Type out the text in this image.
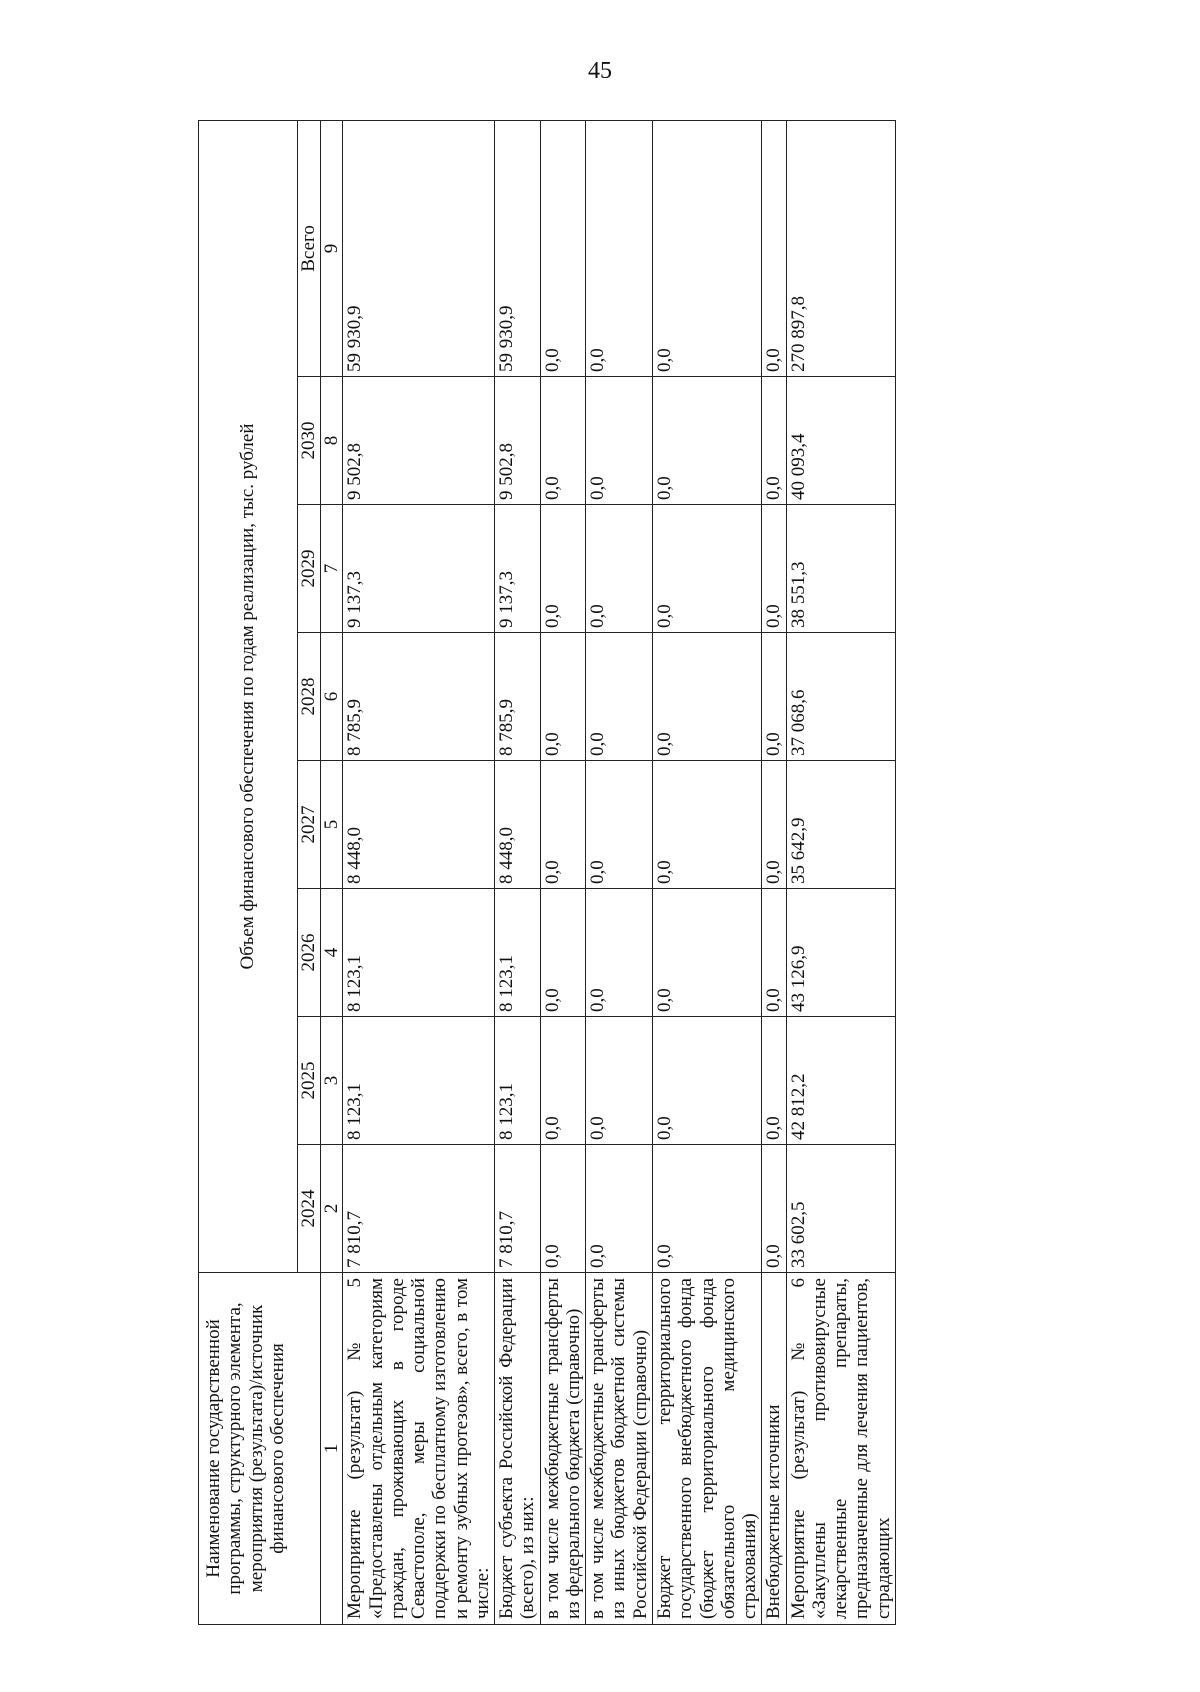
45
Наименование государственной программы, структурного элемента, мероприятия (результата)/источник финансового обеспечения	Объем финансового обеспечения по годам реализации, тыс. рублей							
	2024	2025	2026	2027	2028	2029	2030	Всего
1	2	3	4	5	6	7	8	9
Мероприятие (результат) № 5 «Предоставлены отдельным категориям граждан, проживающих в городе Севастополе, меры социальной поддержки по бесплатному изготовлению и ремонту зубных протезов», всего, в том числе:	7 810,7	8 123,1	8 123,1	8 448,0	8 785,9	9 137,3	9 502,8	59 930,9
Бюджет субъекта Российской Федерации (всего), из них:	7 810,7	8 123,1	8 123,1	8 448,0	8 785,9	9 137,3	9 502,8	59 930,9
в том числе межбюджетные трансферты из федерального бюджета (справочно)	0,0	0,0	0,0	0,0	0,0	0,0	0,0	0,0
в том числе межбюджетные трансферты из иных бюджетов бюджетной системы Российской Федерации (справочно)	0,0	0,0	0,0	0,0	0,0	0,0	0,0	0,0
Бюджет территориального государственного внебюджетного фонда (бюджет территориального фонда обязательного медицинского страхования)	0,0	0,0	0,0	0,0	0,0	0,0	0,0	0,0
Внебюджетные источники	0,0	0,0	0,0	0,0	0,0	0,0	0,0	0,0
Мероприятие (результат) № 6 «Закуплены противовирусные лекарственные препараты, предназначенные для лечения пациентов, страдающих	33 602,5	42 812,2	43 126,9	35 642,9	37 068,6	38 551,3	40 093,4	270 897,8
